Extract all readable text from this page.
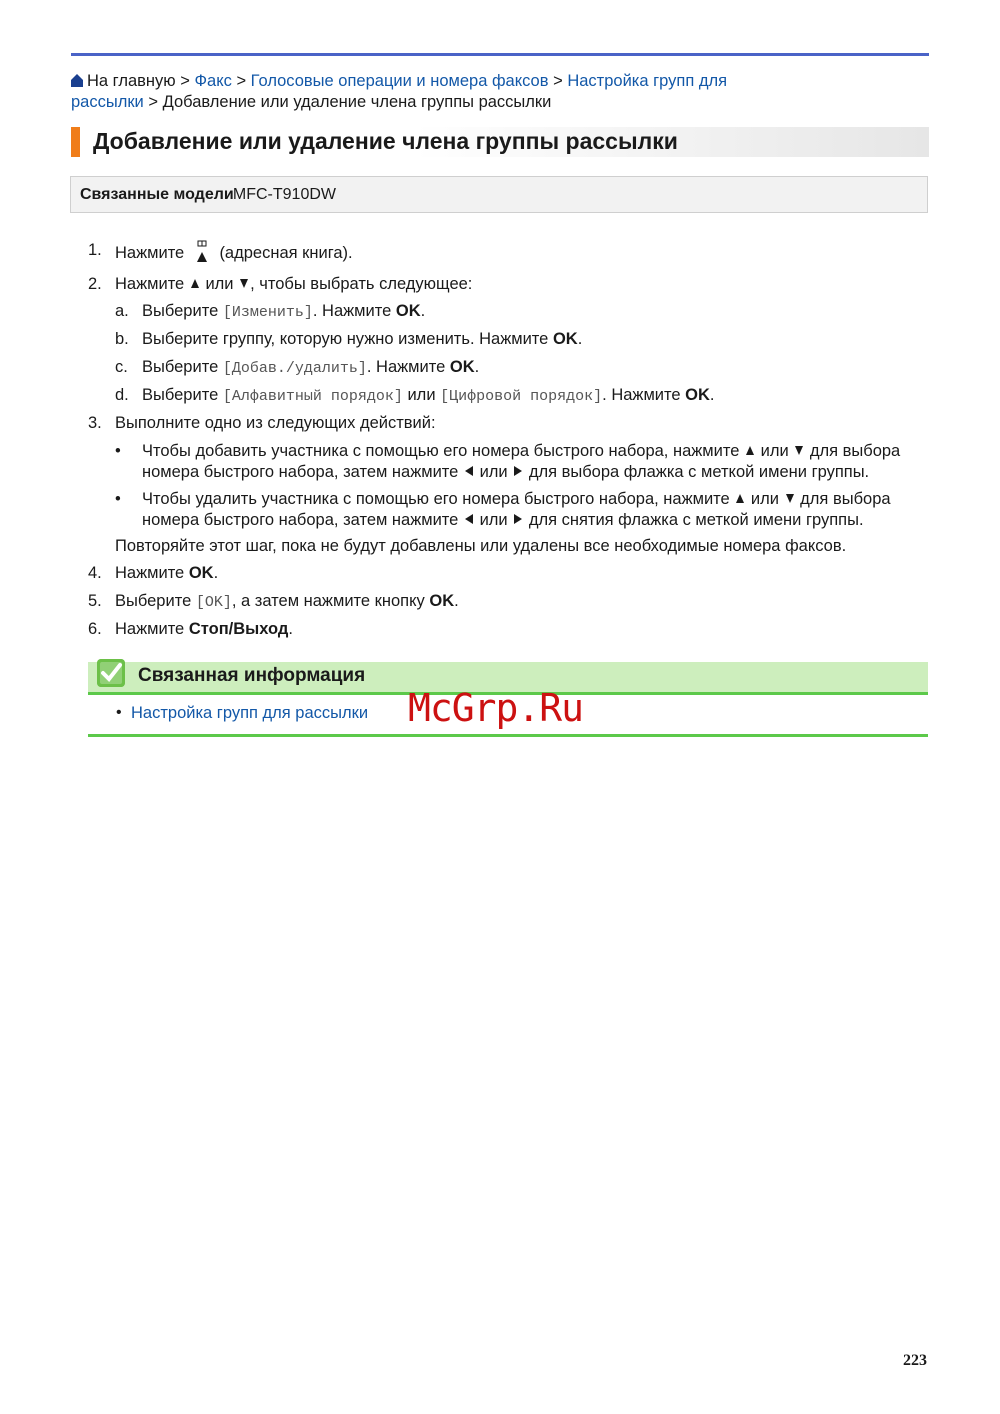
На главную > Факс > Голосовые операции и номера факсов > Настройка групп для
рассылки > Добавление или удаление члена группы рассылки
Добавление или удаление члена группы рассылки
Связанные модели
: MFC-T910DW
1. Нажмите (адресная книга).
2. Нажмите или , чтобы выбрать следующее:
a. Выберите [Изменить]. Нажмите OK.
b. Выберите группу, которую нужно изменить. Нажмите OK.
c. Выберите [Добав./удалить]. Нажмите OK.
d. Выберите [Алфавитный порядок] или [Цифровой порядок]. Нажмите OK.
3. Выполните одно из следующих действий:
• Чтобы добавить участника с помощью его номера быстрого набора, нажмите или для выбора
номера быстрого набора, затем нажмите или для выбора флажка с меткой имени группы.
• Чтобы удалить участника с помощью его номера быстрого набора, нажмите или для выбора
номера быстрого набора, затем нажмите или для снятия флажка с меткой имени группы.
Повторяйте этот шаг, пока не будут добавлены или удалены все необходимые номера факсов.
4. Нажмите OK.
5. Выберите [OK], а затем нажмите кнопку OK.
6. Нажмите Стоп/Выход.
Связанная информация
• Настройка групп для рассылки McGrp.Ru
223
